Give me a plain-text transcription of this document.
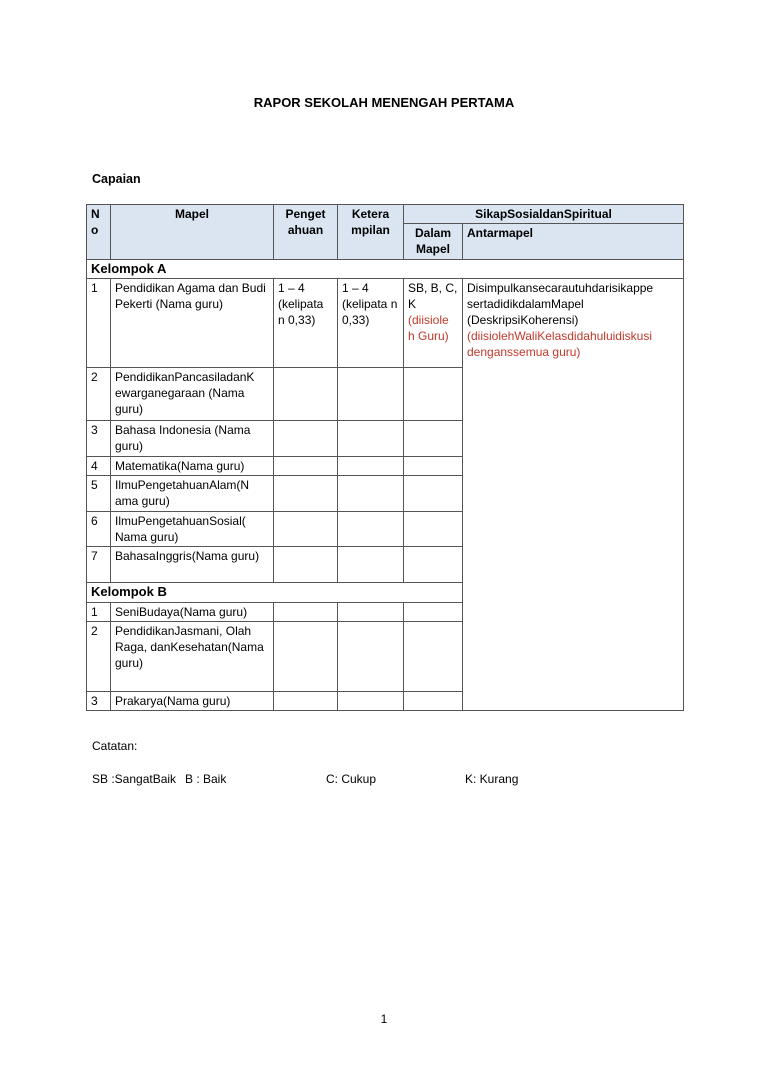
RAPOR SEKOLAH MENENGAH PERTAMA
Capaian
N o	Mapel	Penget ahuan	Ketera mpilan	SikapSosialdanSpiritual	
				Dalam Mapel	Antarmapel
Kelompok A					
1	Pendidikan Agama dan Budi Pekerti (Nama guru)	1 – 4 (kelipata n 0,33)	1 – 4 (kelipata n 0,33)	SB, B, C, K (diisiole h Guru)	Disimpulkansecarautuhdarisikappe sertadidikdalamMapel (DeskripsiKoherensi) (diisiolehWaliKelasdidahuluidiskusi denganssemua guru)
2	PendidikanPancasiladanK ewarganegaraan (Nama guru)				
3	Bahasa Indonesia (Nama guru)				
4	Matematika(Nama guru)				
5	IlmuPengetahuanAlam(N ama guru)				
6	IlmuPengetahuanSosial( Nama guru)				
7	BahasaInggris(Nama guru)				
Kelompok B					
1	SeniBudaya(Nama guru)				
2	PendidikanJasmani, Olah Raga, danKesehatan(Nama guru)				
3	Prakarya(Nama guru)				
Catatan:
SB :SangatBaik B : Baik	C: Cukup	K: Kurang
1
